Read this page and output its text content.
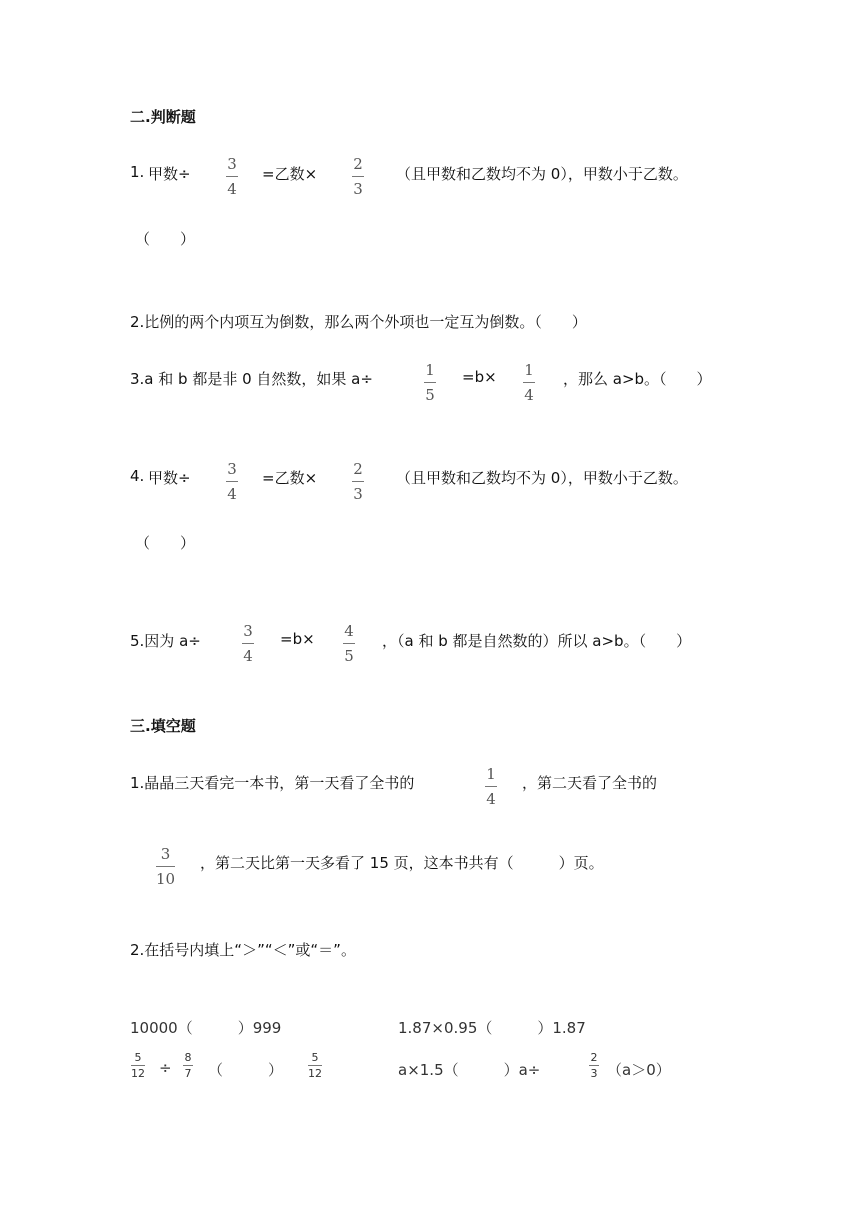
二.判断题
1. 甲数÷
3
4
=乙数×
2
3
（且甲数和乙数均不为 0），甲数小于乙数。
（　　）
2.比例的两个内项互为倒数，那么两个外项也一定互为倒数。（　　）
3.a 和 b 都是非 0 自然数，如果 a÷	1
5
=b× 1
4
，那么 a>b。（　　）
4. 甲数÷ 3
4
=乙数× 2
3
（且甲数和乙数均不为 0），甲数小于乙数。
（　　）
5.因为 a÷
3
4
=b× 4
5
，（a 和 b 都是自然数的）所以 a>b。（　　）
三.填空题
1.晶晶三天看完一本书，第一天看了全书的	1
4
，第二天看了全书的
3
10
，第二天比第一天多看了 15 页，这本书共有（　　　）页。
2.在括号内填上“＞”“＜”或“＝”。
10000（　　　）999	1.87×0.95（　　　）1.87
5
12 ÷
8
7 （　　　）
5
12	a×1.5（　　　）a÷
2
3 （a＞0）
